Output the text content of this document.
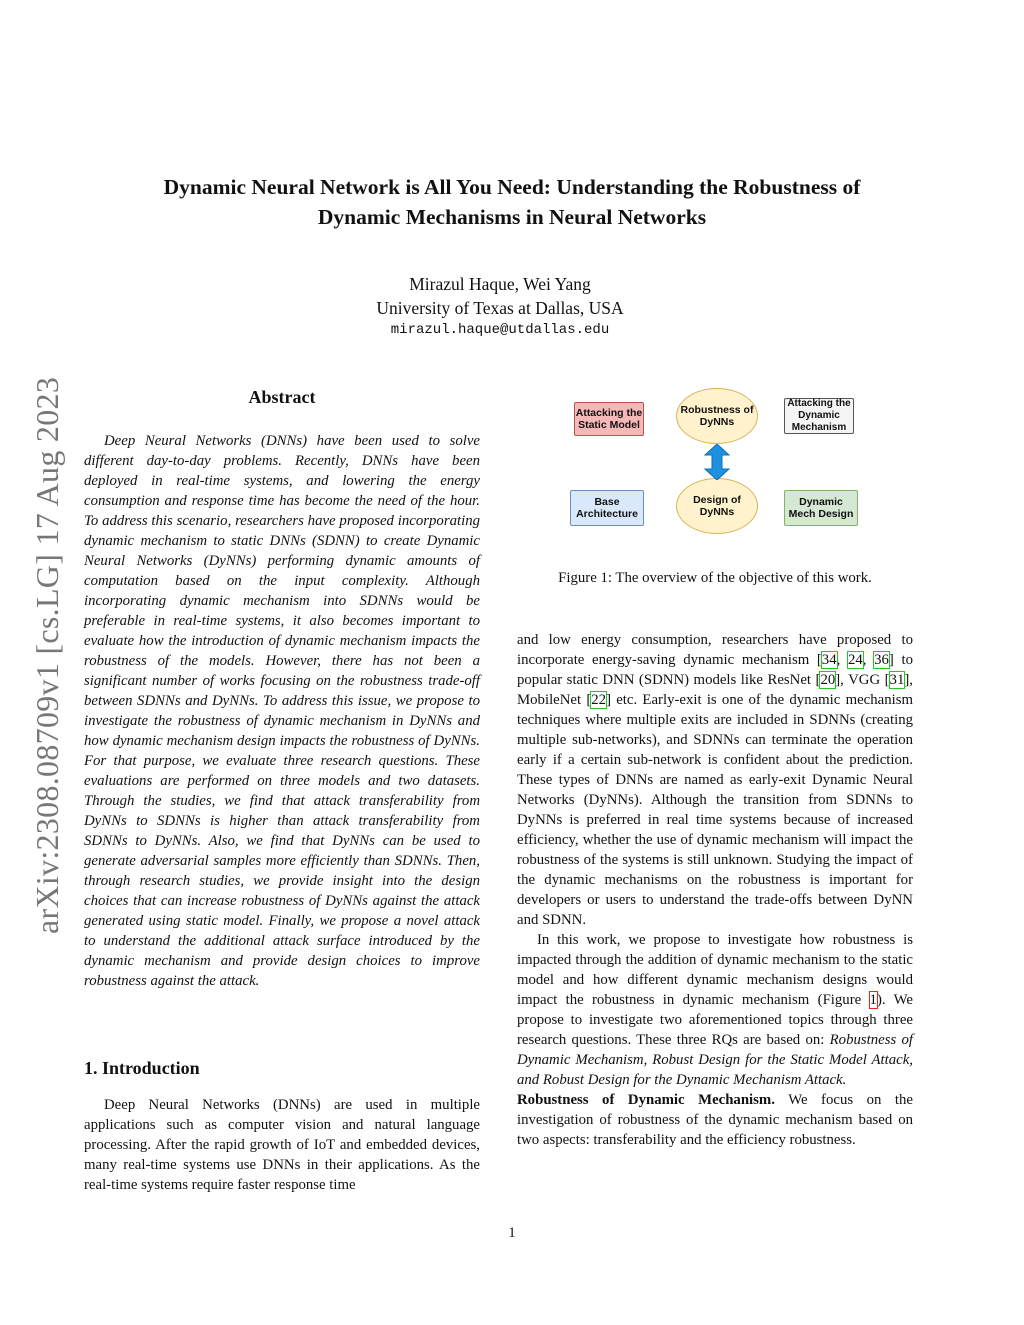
Dynamic Neural Network is All You Need: Understanding the Robustness of
Dynamic Mechanisms in Neural Networks
Mirazul Haque, Wei Yang
University of Texas at Dallas, USA
mirazul.haque@utdallas.edu
arXiv:2308.08709v1 [cs.LG] 17 Aug 2023	Abstract
Deep Neural Networks (DNNs) have been used to solve different day-to-day problems. Recently, DNNs have been deployed in real-time systems, and lowering the energy consumption and response time has become the need of the hour. To address this scenario, researchers have proposed incorporating dynamic mechanism to static DNNs (SDNN) to create Dynamic Neural Networks (DyNNs) performing dynamic amounts of computation based on the input complexity. Although incorporating dynamic mechanism into SDNNs would be preferable in real-time systems, it also becomes important to evaluate how the introduction of dynamic mechanism impacts the robustness of the models. However, there has not been a significant number of works focusing on the robustness trade-off between SDNNs and DyNNs. To address this issue, we propose to investigate the robustness of dynamic mechanism in DyNNs and how dynamic mechanism design impacts the robustness of DyNNs. For that purpose, we evaluate three research questions. These evaluations are performed on three models and two datasets. Through the studies, we find that attack transferability from DyNNs to SDNNs is higher than attack transferability from SDNNs to DyNNs. Also, we find that DyNNs can be used to generate adversarial samples more efficiently than SDNNs. Then, through research studies, we provide insight into the design choices that can increase robustness of DyNNs against the attack generated using static model. Finally, we propose a novel attack to understand the additional attack surface introduced by the dynamic mechanism and provide design choices to improve robustness against the attack.
1. Introduction
Deep Neural Networks (DNNs) are used in multiple applications such as computer vision and natural language processing. After the rapid growth of IoT and embedded devices, many real-time systems use DNNs in their applications. As the real-time systems require faster response time
Attacking the Static Model
Robustness of DyNNs
Attacking the Dynamic Mechanism
Base Architecture
Design of DyNNs
Dynamic Mech Design
Figure 1: The overview of the objective of this work.

and low energy consumption, researchers have proposed to incorporate energy-saving dynamic mechanism [34, 24, 36] to popular static DNN (SDNN) models like ResNet [20], VGG [31], MobileNet [22] etc. Early-exit is one of the dynamic mechanism techniques where multiple exits are included in SDNNs (creating multiple sub-networks), and SDNNs can terminate the operation early if a certain sub-network is confident about the prediction. These types of DNNs are named as early-exit Dynamic Neural Networks (DyNNs). Although the transition from SDNNs to DyNNs is preferred in real time systems because of increased efficiency, whether the use of dynamic mechanism will impact the robustness of the systems is still unknown. Studying the impact of the dynamic mechanisms on the robustness is important for developers or users to understand the trade-offs between DyNN and SDNN.

In this work, we propose to investigate how robustness is impacted through the addition of dynamic mechanism to the static model and how different dynamic mechanism designs would impact the robustness in dynamic mechanism (Figure 1). We propose to investigate two aforementioned topics through three research questions. These three RQs are based on: Robustness of Dynamic Mechanism, Robust Design for the Static Model Attack, and Robust Design for the Dynamic Mechanism Attack.

Robustness of Dynamic Mechanism. We focus on the investigation of robustness of the dynamic mechanism based on two aspects: transferability and the efficiency robustness.

1
